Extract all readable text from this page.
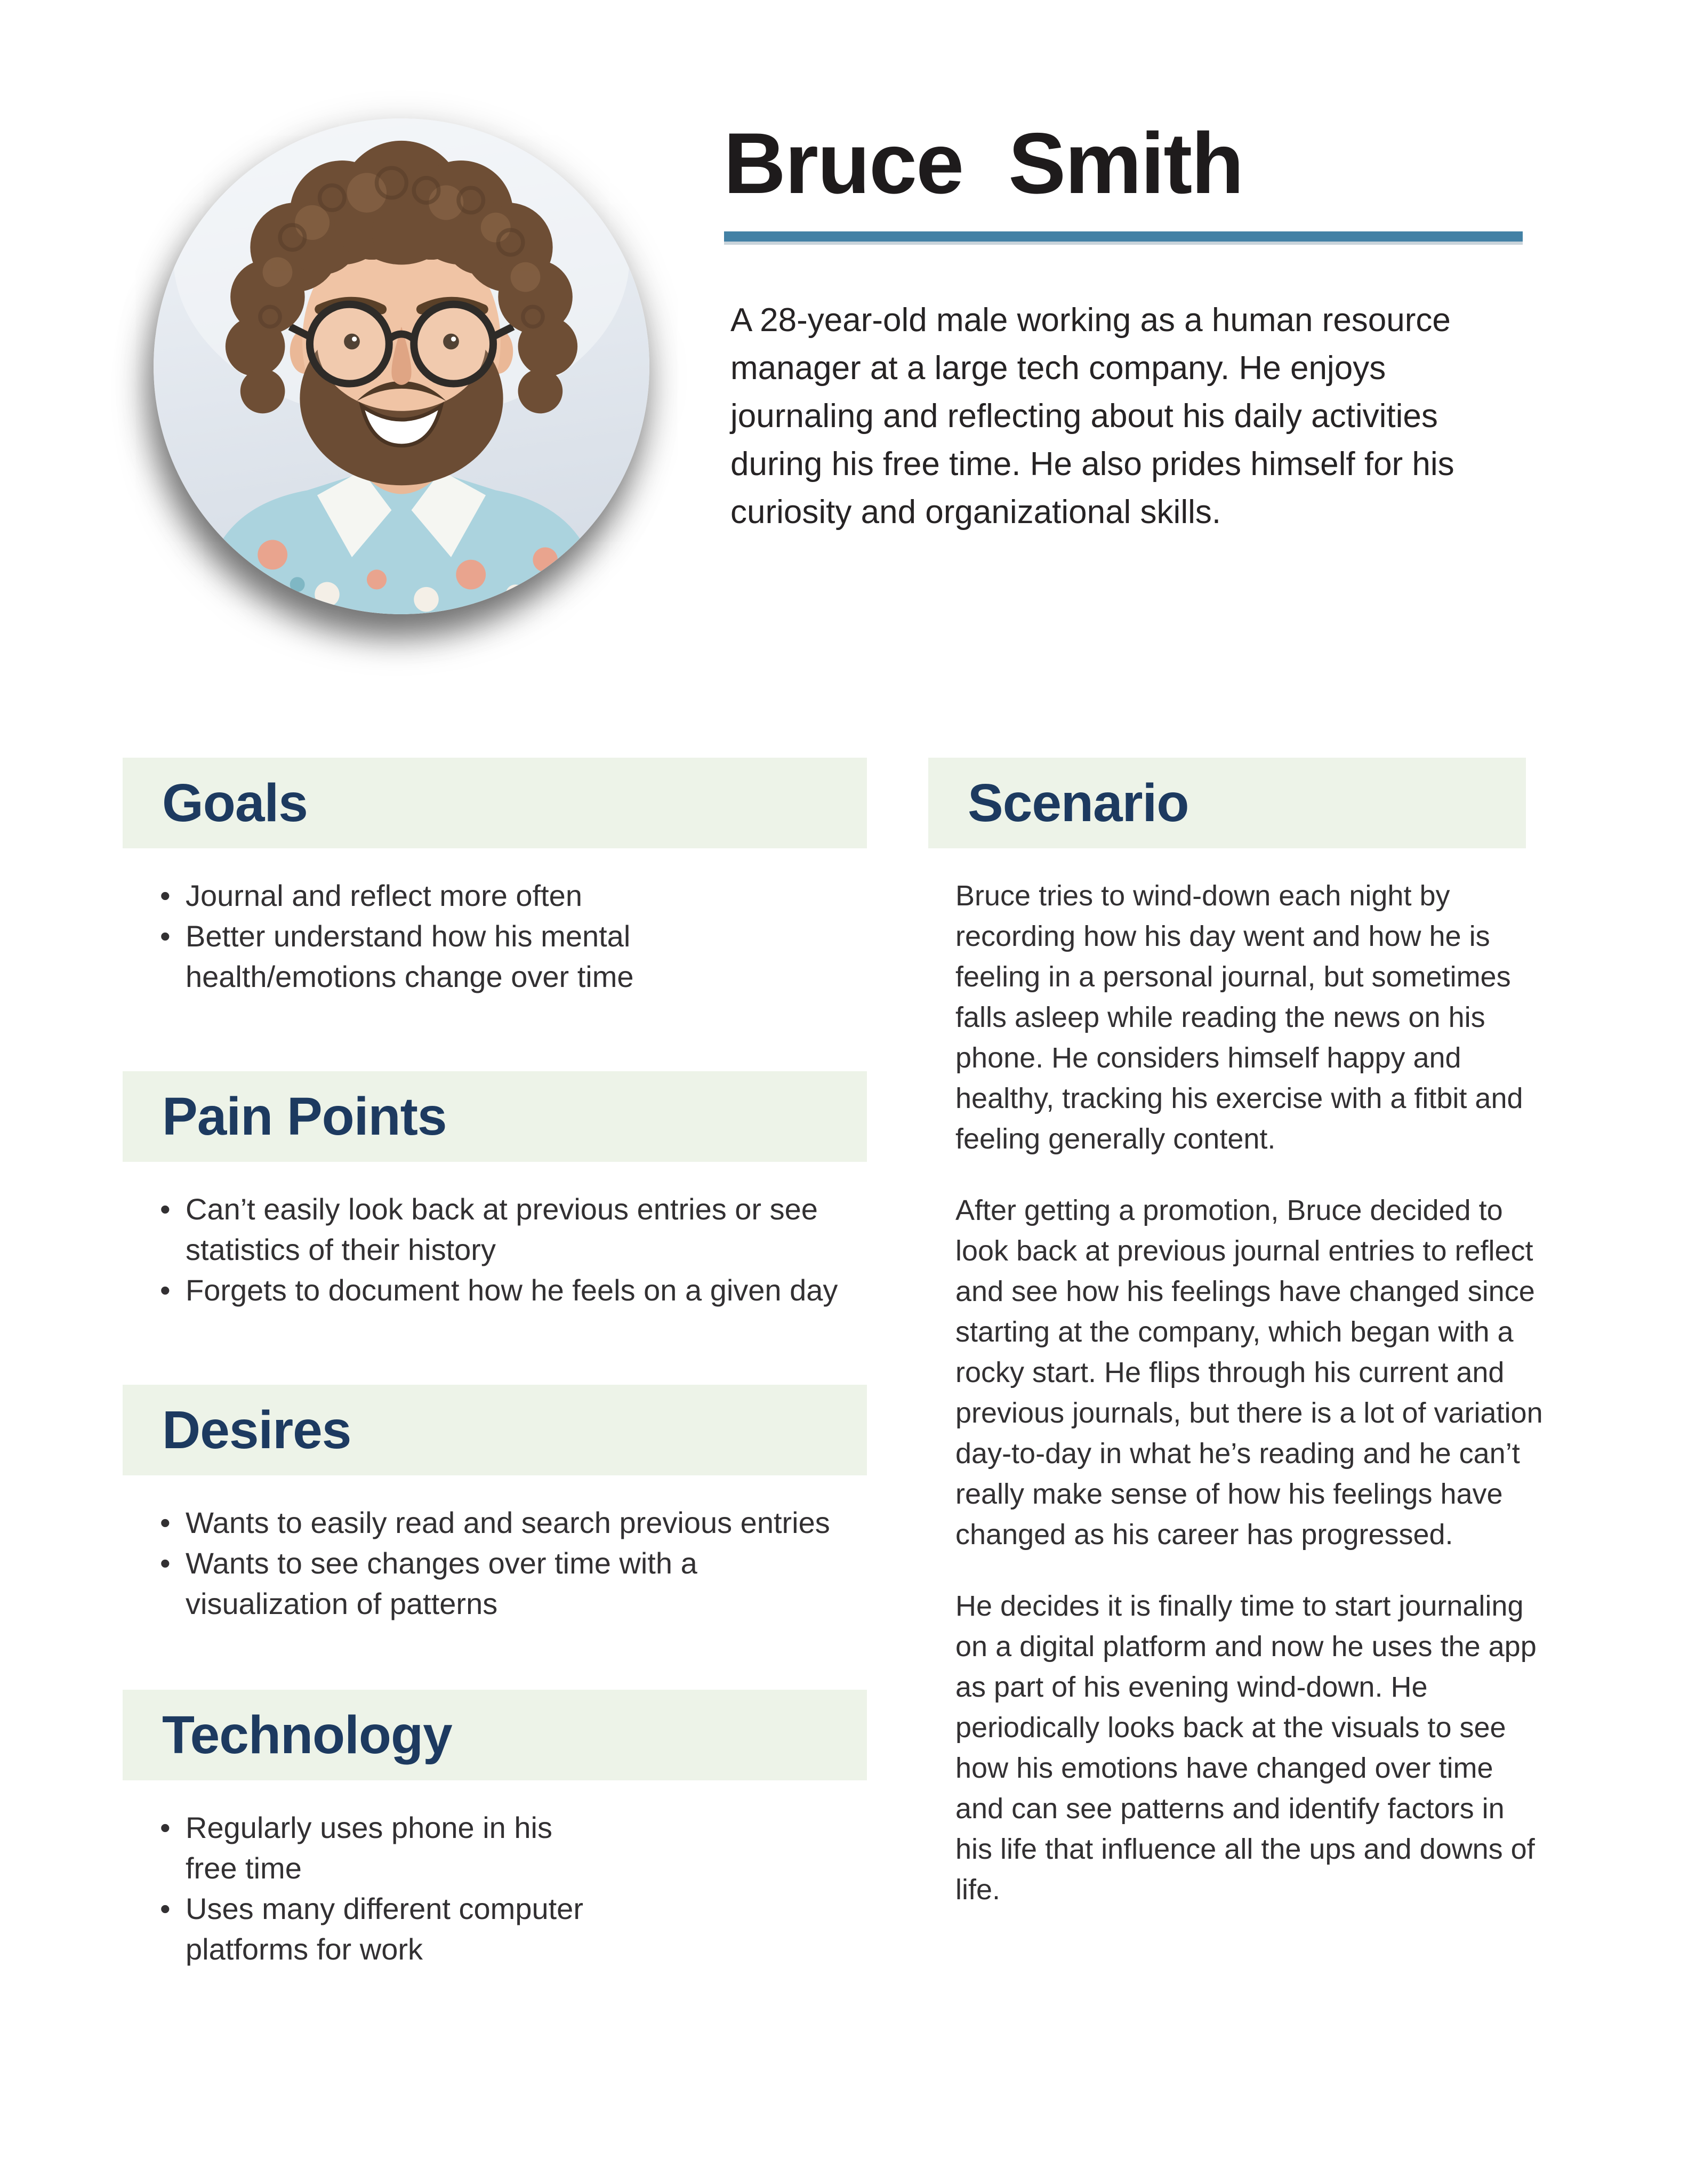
Bruce Smith

A 28-year-old male working as a human resource manager at a large tech company. He enjoys journaling and reflecting about his daily activities during his free time. He also prides himself for his curiosity and organizational skills.

Goals
• Journal and reflect more often
• Better understand how his mental health/emotions change over time
Pain Points
• Can’t easily look back at previous entries or see statistics of their history
• Forgets to document how he feels on a given day
Desires
• Wants to easily read and search previous entries
• Wants to see changes over time with a visualization of patterns
Technology
• Regularly uses phone in his free time
• Uses many different computer platforms for work
Scenario

Bruce tries to wind-down each night by recording how his day went and how he is feeling in a personal journal, but sometimes falls asleep while reading the news on his phone. He considers himself happy and healthy, tracking his exercise with a fitbit and feeling generally content.

After getting a promotion, Bruce decided to look back at previous journal entries to reflect and see how his feelings have changed since starting at the company, which began with a rocky start. He flips through his current and previous journals, but there is a lot of variation day-to-day in what he’s reading and he can’t really make sense of how his feelings have changed as his career has progressed.

He decides it is finally time to start journaling on a digital platform and now he uses the app as part of his evening wind-down. He periodically looks back at the visuals to see how his emotions have changed over time and can see patterns and identify factors in his life that influence all the ups and downs of life.
